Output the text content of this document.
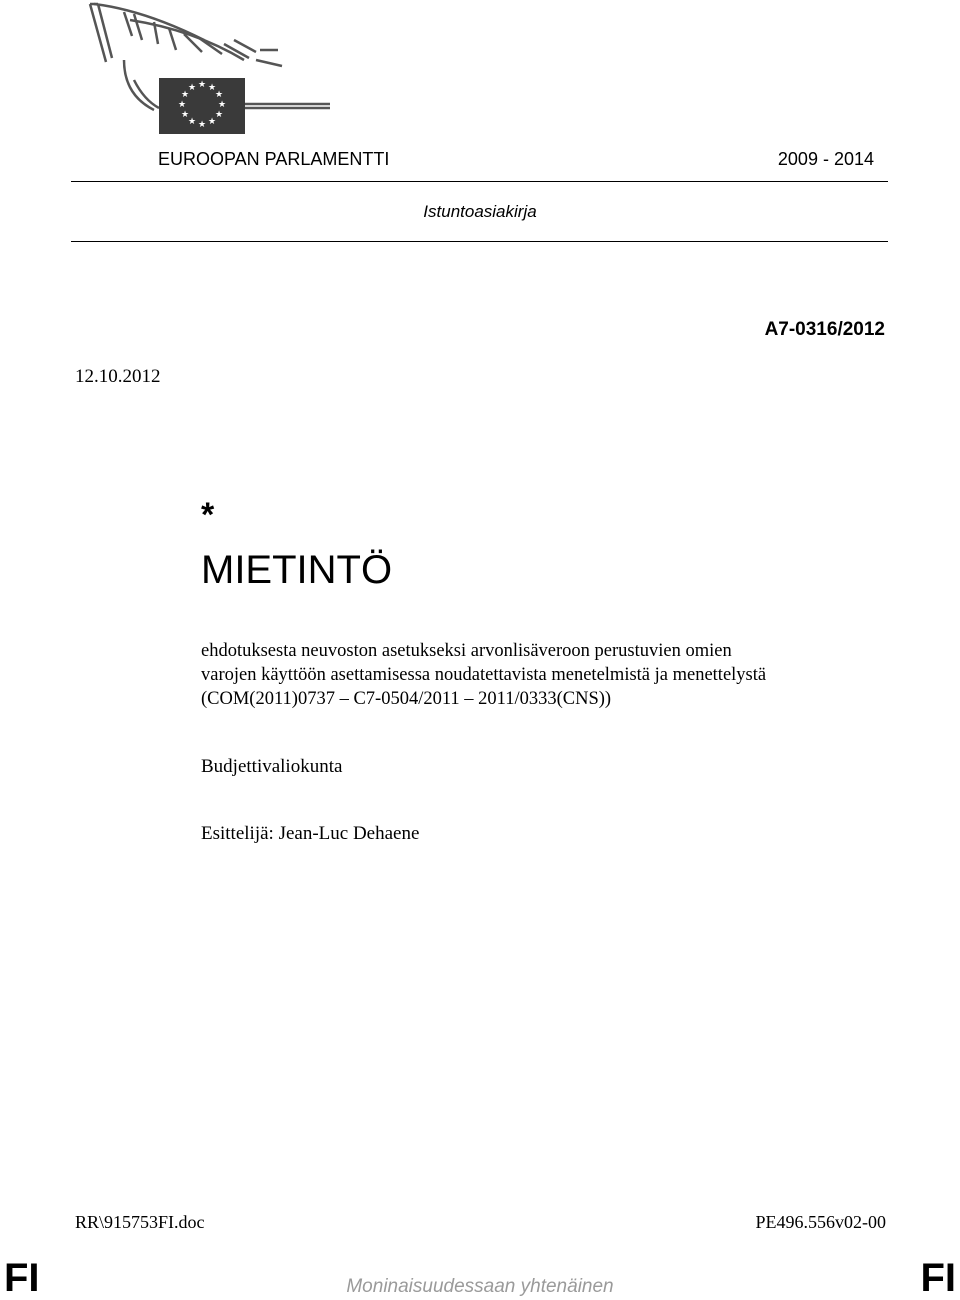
★ ★
★
★
★
★
★
★
★
★
★
★
EUROOPAN PARLAMENTTI	2009 - 2014
Istuntoasiakirja
A7-0316/2012
12.10.2012
*
MIETINTÖ
ehdotuksesta neuvoston asetukseksi arvonlisäveroon perustuvien omien
varojen käyttöön asettamisessa noudatettavista menetelmistä ja menettelystä
(COM(2011)0737 – C7-0504/2011 – 2011/0333(CNS))
Budjettivaliokunta
Esittelijä: Jean-Luc Dehaene
RR\915753FI.doc	PE496.556v02-00
FI	Moninaisuudessaan yhtenäinen	FI
